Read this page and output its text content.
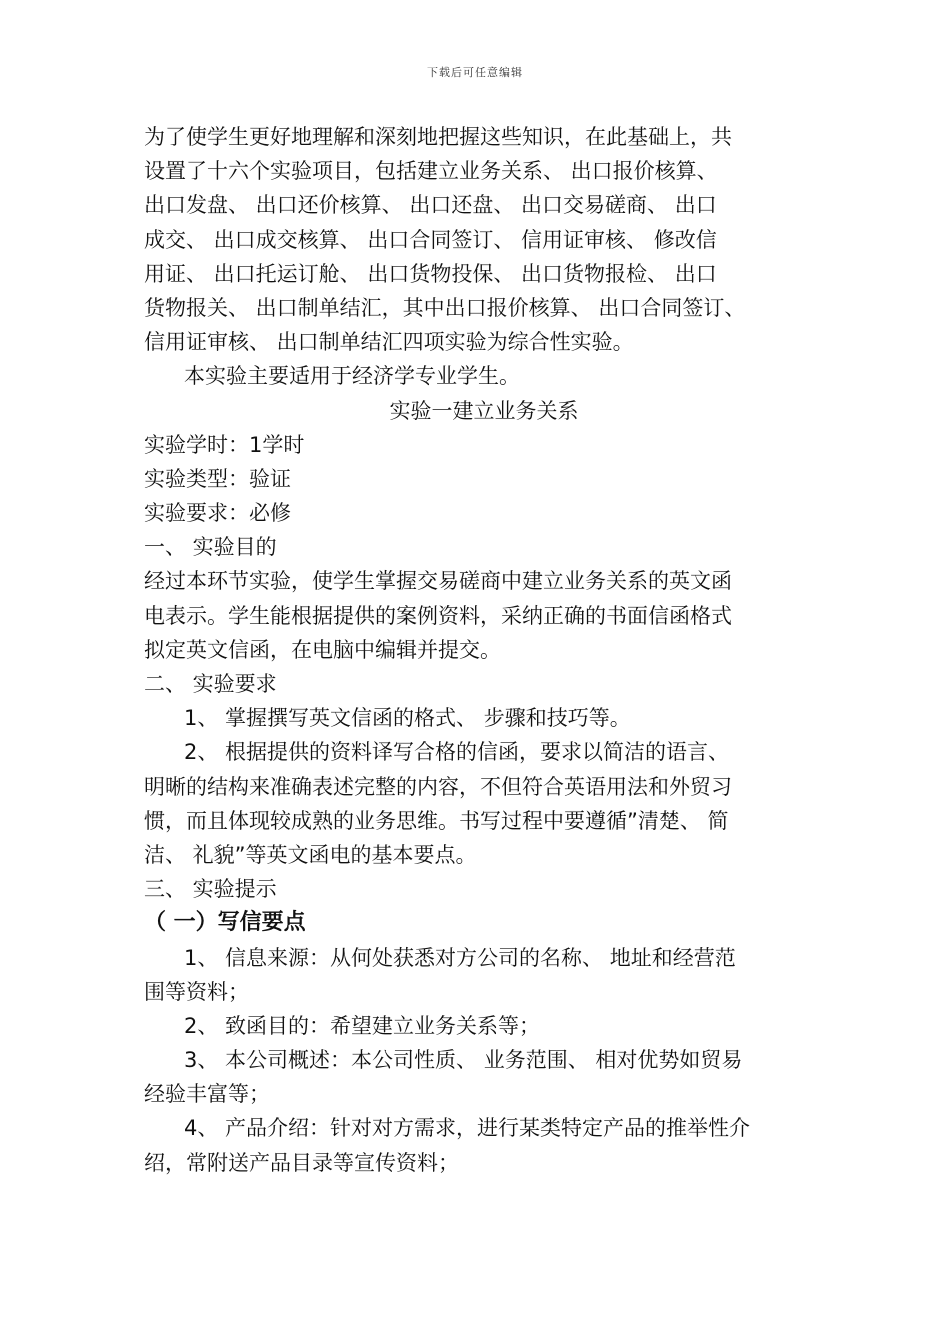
下载后可任意编辑
为了使学生更好地理解和深刻地把握这些知识，在此基础上，共
设置了十六个实验项目，包括建立业务关系、 出口报价核算、
出口发盘、 出口还价核算、 出口还盘、 出口交易磋商、 出口
成交、 出口成交核算、 出口合同签订、 信用证审核、 修改信
用证、 出口托运订舱、 出口货物投保、 出口货物报检、 出口
货物报关、 出口制单结汇，其中出口报价核算、 出口合同签订、
信用证审核、 出口制单结汇四项实验为综合性实验。
本实验主要适用于经济学专业学生。
实验一建立业务关系
实验学时：1学时
实验类型：验证
实验要求：必修
一、 实验目的
经过本环节实验，使学生掌握交易磋商中建立业务关系的英文函
电表示。学生能根据提供的案例资料，采纳正确的书面信函格式
拟定英文信函，在电脑中编辑并提交。
二、 实验要求
1、 掌握撰写英文信函的格式、 步骤和技巧等。
2、 根据提供的资料译写合格的信函，要求以简洁的语言、
明晰的结构来准确表述完整的内容，不但符合英语用法和外贸习
惯，而且体现较成熟的业务思维。书写过程中要遵循”清楚、 简
洁、 礼貌”等英文函电的基本要点。
三、 实验提示
（ 一）写信要点
1、 信息来源：从何处获悉对方公司的名称、 地址和经营范
围等资料；
2、 致函目的：希望建立业务关系等；
3、 本公司概述：本公司性质、 业务范围、 相对优势如贸易
经验丰富等；
4、 产品介绍：针对对方需求，进行某类特定产品的推举性介
绍，常附送产品目录等宣传资料；
